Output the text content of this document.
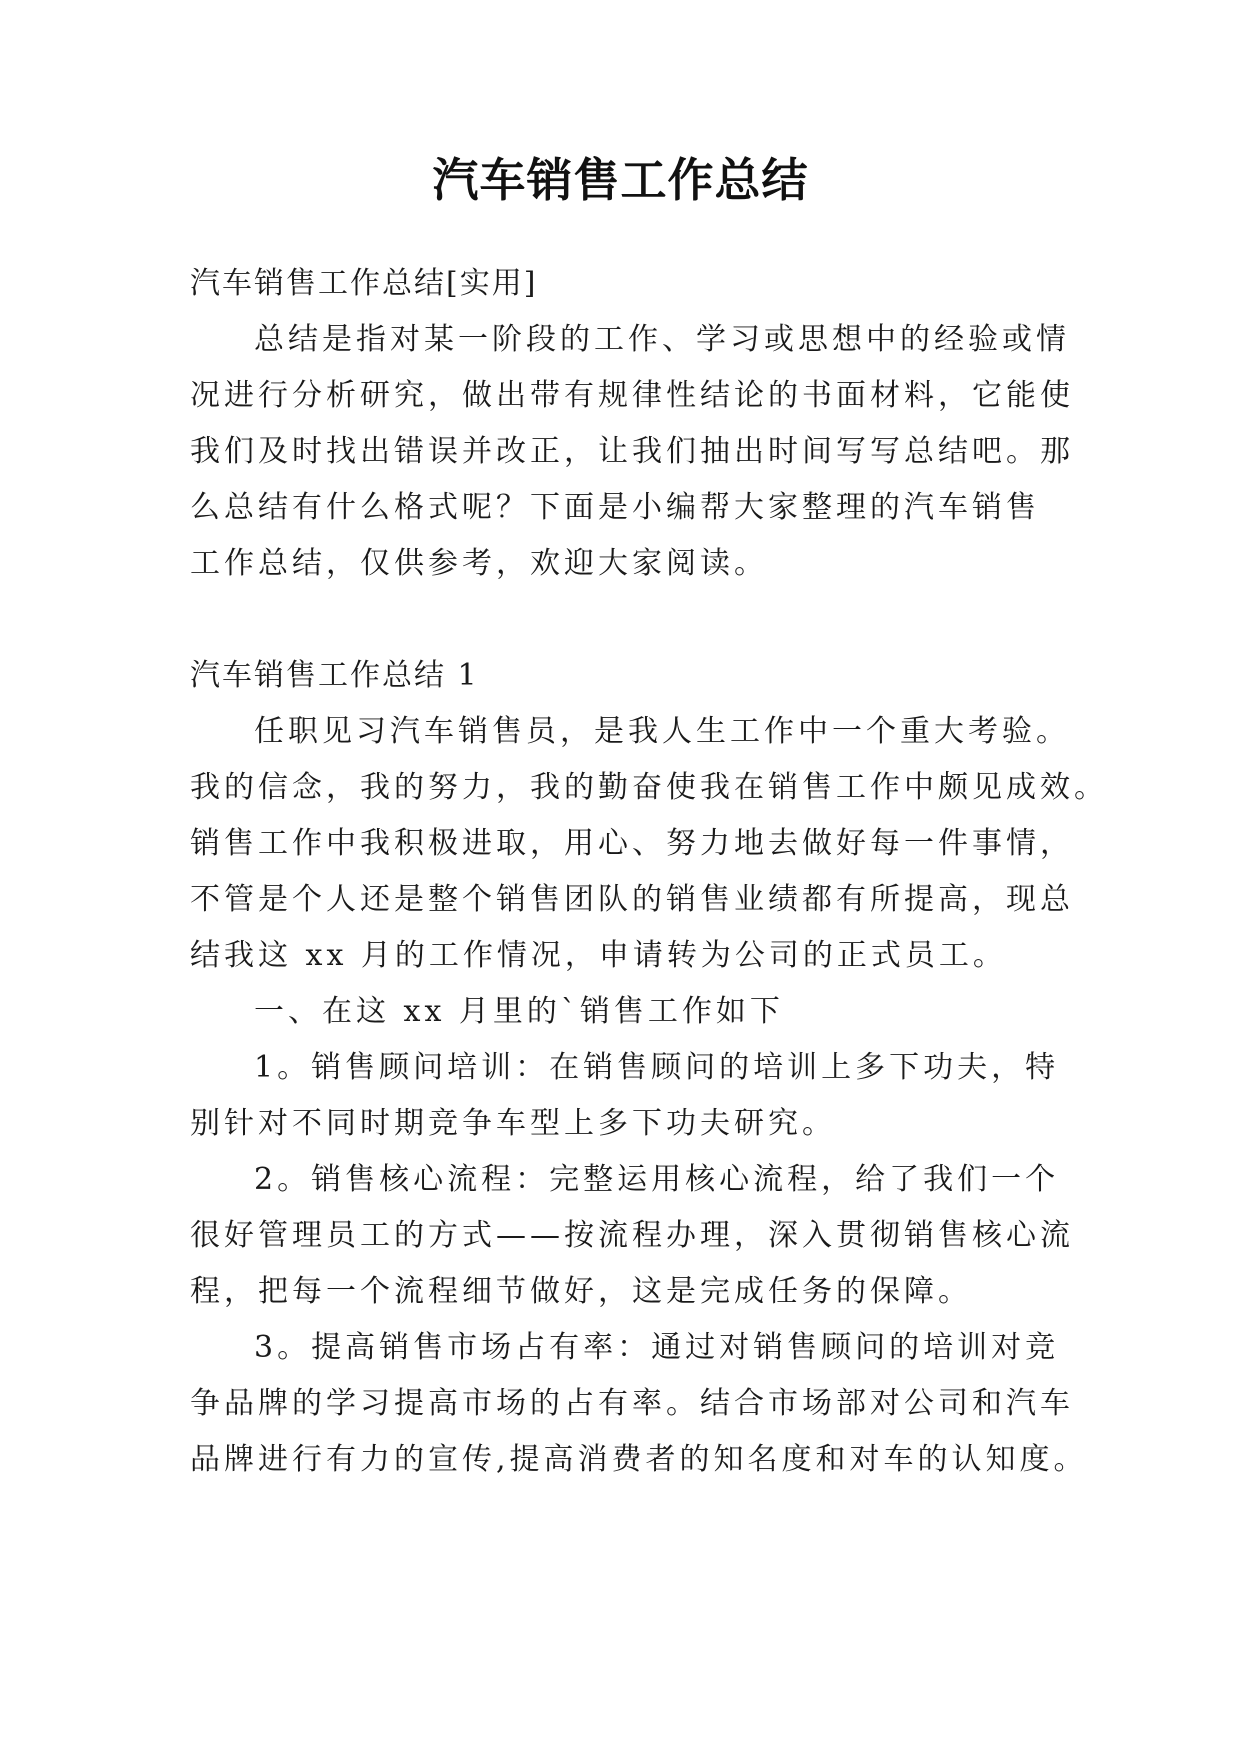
汽车销售工作总结
汽车销售工作总结[实用]
总结是指对某一阶段的工作、学习或思想中的经验或情
况进行分析研究，做出带有规律性结论的书面材料，它能使
我们及时找出错误并改正，让我们抽出时间写写总结吧。那
么总结有什么格式呢？下面是小编帮大家整理的汽车销售
工作总结，仅供参考，欢迎大家阅读。
汽车销售工作总结 1
任职见习汽车销售员，是我人生工作中一个重大考验。
我的信念，我的努力，我的勤奋使我在销售工作中颇见成效。
销售工作中我积极进取，用心、努力地去做好每一件事情，
不管是个人还是整个销售团队的销售业绩都有所提高，现总
结我这 xx 月的工作情况，申请转为公司的正式员工。
一、在这 xx 月里的`销售工作如下
1。销售顾问培训：在销售顾问的培训上多下功夫，特
别针对不同时期竞争车型上多下功夫研究。
2。销售核心流程：完整运用核心流程，给了我们一个
很好管理员工的方式——按流程办理，深入贯彻销售核心流
程，把每一个流程细节做好，这是完成任务的保障。
3。提高销售市场占有率：通过对销售顾问的培训对竞
争品牌的学习提高市场的占有率。结合市场部对公司和汽车
品牌进行有力的宣传,提高消费者的知名度和对车的认知度。
